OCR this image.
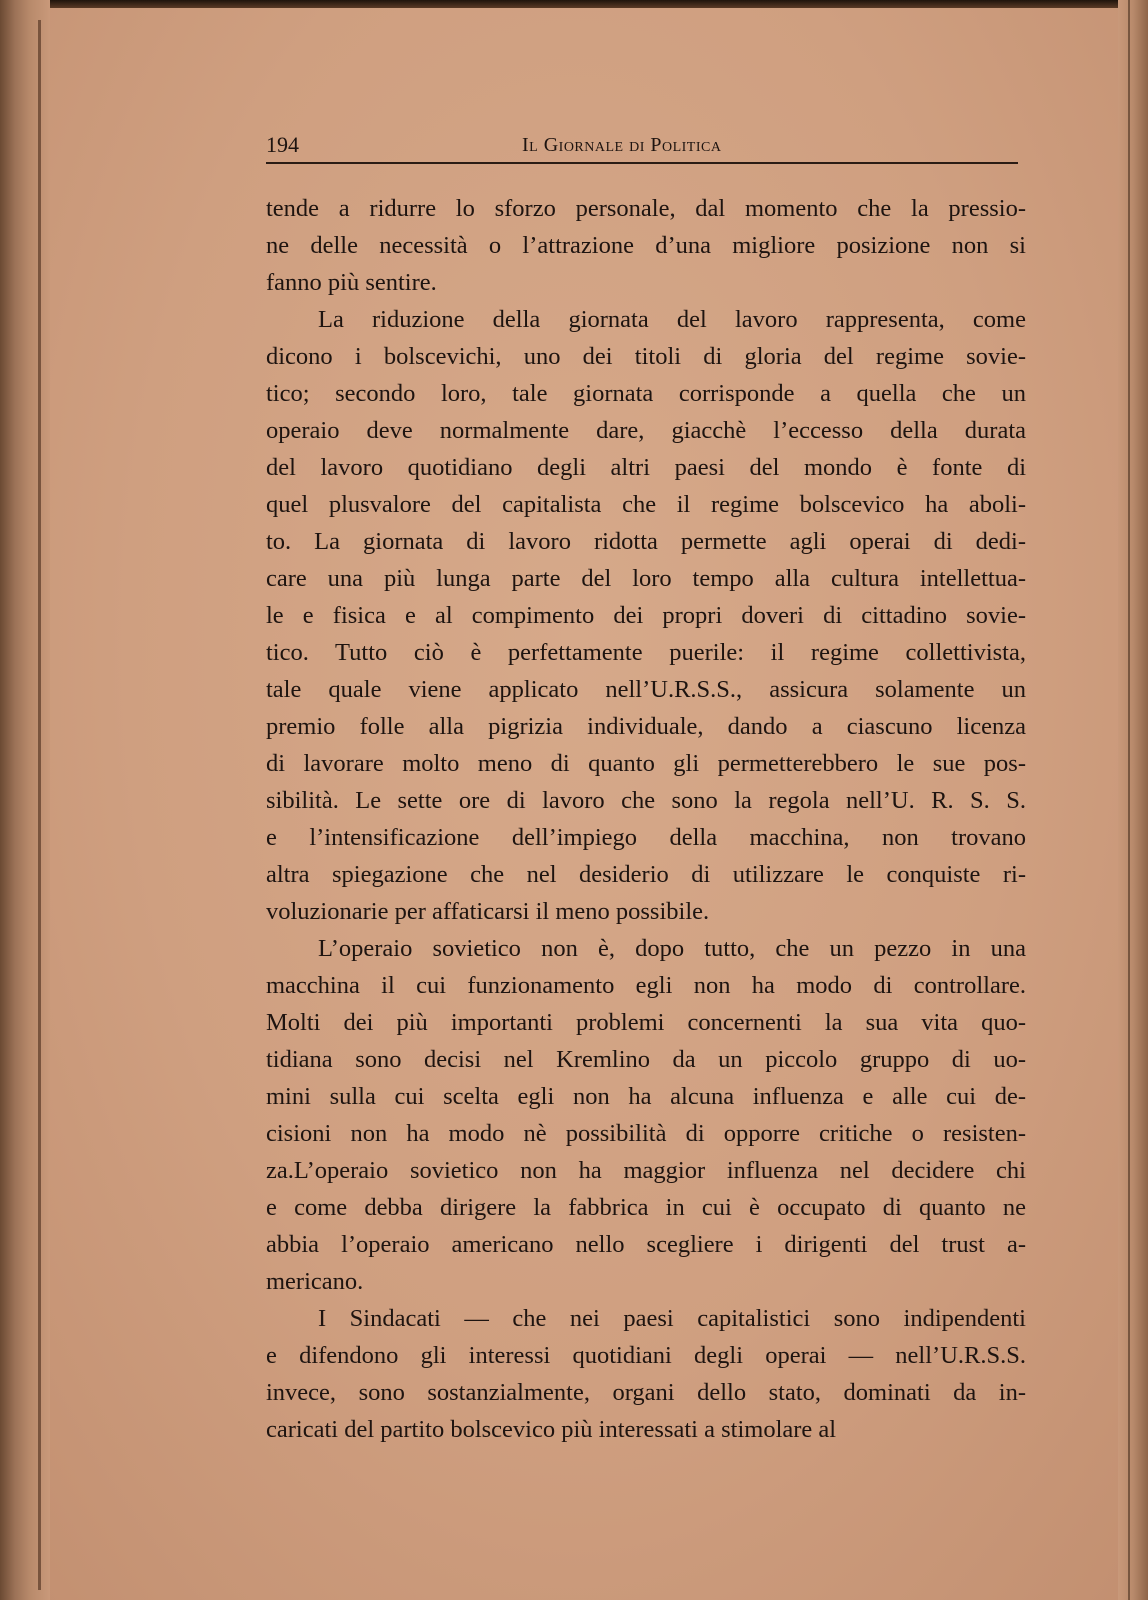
194	Il Giornale di Politica
tende a ridurre lo sforzo personale, dal momento che la pressio-
ne delle necessità o l’attrazione d’una migliore posizione non si
fanno più sentire.
La riduzione della giornata del lavoro rappresenta, come
dicono i bolscevichi, uno dei titoli di gloria del regime sovie-
tico; secondo loro, tale giornata corrisponde a quella che un
operaio deve normalmente dare, giacchè l’eccesso della durata
del lavoro quotidiano degli altri paesi del mondo è fonte di
quel plusvalore del capitalista che il regime bolscevico ha aboli-
to. La giornata di lavoro ridotta permette agli operai di dedi-
care una più lunga parte del loro tempo alla cultura intellettua-
le e fisica e al compimento dei propri doveri di cittadino sovie-
tico. Tutto ciò è perfettamente puerile: il regime collettivista,
tale quale viene applicato nell’U.R.S.S., assicura solamente un
premio folle alla pigrizia individuale, dando a ciascuno licenza
di lavorare molto meno di quanto gli permetterebbero le sue pos-
sibilità. Le sette ore di lavoro che sono la regola nell’U. R. S. S.
e l’intensificazione dell’impiego della macchina, non trovano
altra spiegazione che nel desiderio di utilizzare le conquiste ri-
voluzionarie per affaticarsi il meno possibile.
L’operaio sovietico non è, dopo tutto, che un pezzo in una
macchina il cui funzionamento egli non ha modo di controllare.
Molti dei più importanti problemi concernenti la sua vita quo-
tidiana sono decisi nel Kremlino da un piccolo gruppo di uo-
mini sulla cui scelta egli non ha alcuna influenza e alle cui de-
cisioni non ha modo nè possibilità di opporre critiche o resisten-
za.L’operaio sovietico non ha maggior influenza nel decidere chi
e come debba dirigere la fabbrica in cui è occupato di quanto ne
abbia l’operaio americano nello scegliere i dirigenti del trust a-
mericano.
I Sindacati — che nei paesi capitalistici sono indipendenti
e difendono gli interessi quotidiani degli operai — nell’U.R.S.S.
invece, sono sostanzialmente, organi dello stato, dominati da in-
caricati del partito bolscevico più interessati a stimolare al
